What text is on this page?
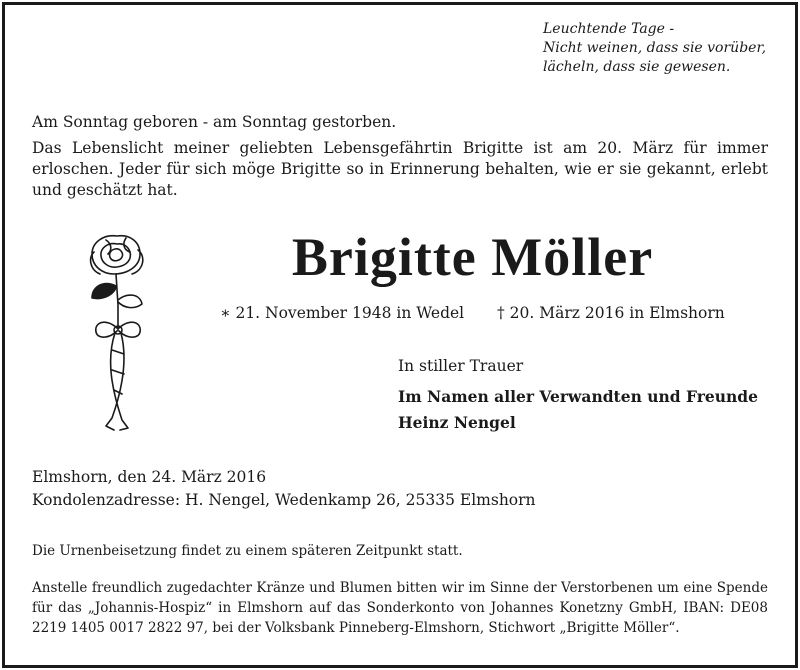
Leuchtende Tage -
Nicht weinen, dass sie vorüber,
lächeln, dass sie gewesen.

Am Sonntag geboren - am Sonntag gestorben.

Das Lebenslicht meiner geliebten Lebensgefährtin Brigitte ist am 20. März für immer erloschen. Jeder für sich möge Brigitte so in Erinnerung behalten, wie er sie gekannt, erlebt und geschätzt hat.

Brigitte Möller
∗ 21. November 1948 in Wedel † 20. März 2016 in Elmshorn
In stiller Trauer
Im Namen aller Verwandten und Freunde
Heinz Nengel
Elmshorn, den 24. März 2016
Kondolenzadresse: H. Nengel, Wedenkamp 26, 25335 Elmshorn
Die Urnenbeisetzung findet zu einem späteren Zeitpunkt statt.
Anstelle freundlich zugedachter Kränze und Blumen bitten wir im Sinne der Verstorbenen um eine Spende für das „Johannis-Hospiz“ in Elmshorn auf das Sonderkonto von Johannes Konetzny GmbH, IBAN: DE08 2219 1405 0017 2822 97, bei der Volksbank Pinneberg-Elmshorn, Stichwort „Brigitte Möller“.
